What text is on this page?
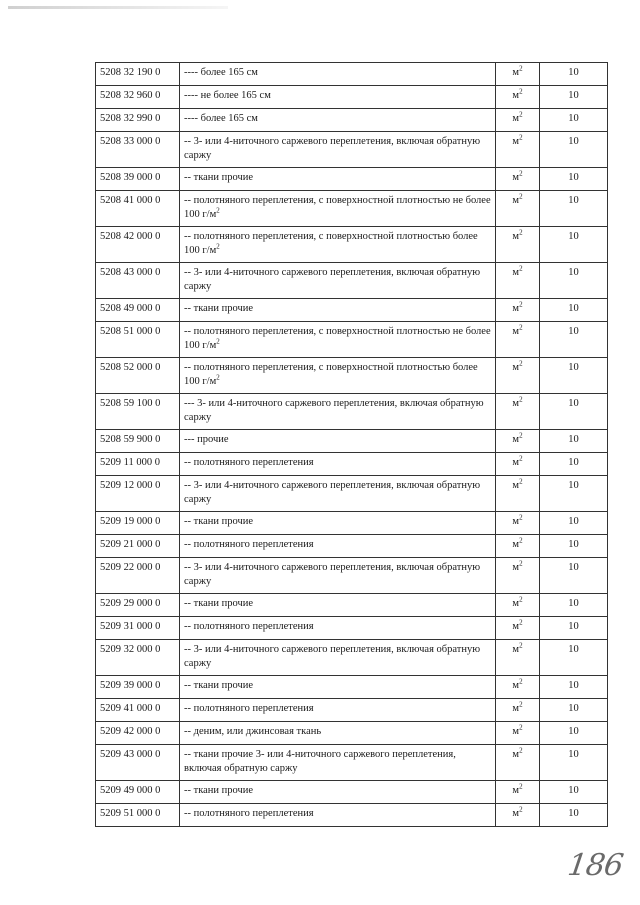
5208 32 190 0	---- более 165 см	$м^2$	10
5208 32 960 0	---- не более 165 см	$м^2$	10
5208 32 990 0	---- более 165 см	$м^2$	10
5208 33 000 0	-- 3- или 4-ниточного саржевого переплетения, включая обратную саржу	$м^2$	10
5208 39 000 0	-- ткани прочие	$м^2$	10
5208 41 000 0	-- полотняного переплетения, с поверхностной плотностью не более 100 $г/м^2$	$м^2$	10
5208 42 000 0	-- полотняного переплетения, с поверхностной плотностью более 100 $г/м^2$	$м^2$	10
5208 43 000 0	-- 3- или 4-ниточного саржевого переплетения, включая обратную саржу	$м^2$	10
5208 49 000 0	-- ткани прочие	$м^2$	10
5208 51 000 0	-- полотняного переплетения, с поверхностной плотностью не более 100 $г/м^2$	$м^2$	10
5208 52 000 0	-- полотняного переплетения, с поверхностной плотностью более 100 $г/м^2$	$м^2$	10
5208 59 100 0	--- 3- или 4-ниточного саржевого переплетения, включая обратную саржу	$м^2$	10
5208 59 900 0	--- прочие	$м^2$	10
5209 11 000 0	-- полотняного переплетения	$м^2$	10
5209 12 000 0	-- 3- или 4-ниточного саржевого переплетения, включая обратную саржу	$м^2$	10
5209 19 000 0	-- ткани прочие	$м^2$	10
5209 21 000 0	-- полотняного переплетения	$м^2$	10
5209 22 000 0	-- 3- или 4-ниточного саржевого переплетения, включая обратную саржу	$м^2$	10
5209 29 000 0	-- ткани прочие	$м^2$	10
5209 31 000 0	-- полотняного переплетения	$м^2$	10
5209 32 000 0	-- 3- или 4-ниточного саржевого переплетения, включая обратную саржу	$м^2$	10
5209 39 000 0	-- ткани прочие	$м^2$	10
5209 41 000 0	-- полотняного переплетения	$м^2$	10
5209 42 000 0	-- деним, или джинсовая ткань	$м^2$	10
5209 43 000 0	-- ткани прочие 3- или 4-ниточного саржевого переплетения, включая обратную саржу	$м^2$	10
5209 49 000 0	-- ткани прочие	$м^2$	10
5209 51 000 0	-- полотняного переплетения	$м^2$	10
186
